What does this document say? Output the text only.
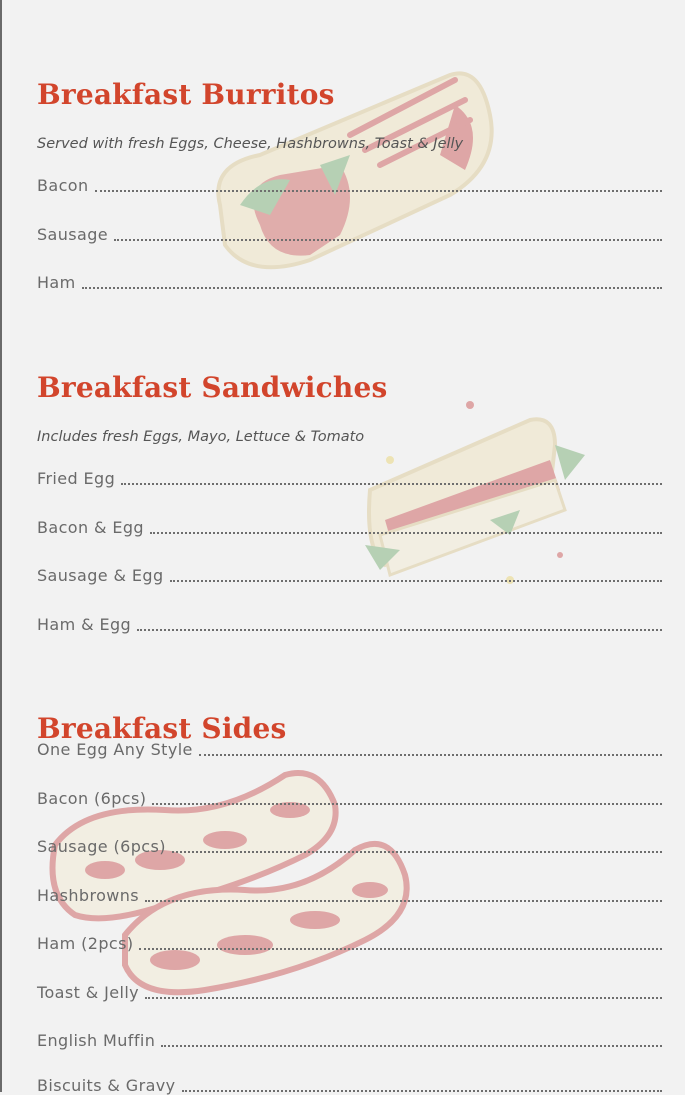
Breakfast Burritos

Served with fresh Eggs, Cheese, Hashbrowns, Toast & Jelly

Bacon
Sausage
Ham
Breakfast Sandwiches

Includes fresh Eggs, Mayo, Lettuce & Tomato

Fried Egg
Bacon & Egg
Sausage & Egg
Ham & Egg
Breakfast Sides
One Egg Any Style
Bacon (6pcs)
Sausage (6pcs)
Hashbrowns
Ham (2pcs)
Toast & Jelly
English Muffin
Biscuits & Gravy
